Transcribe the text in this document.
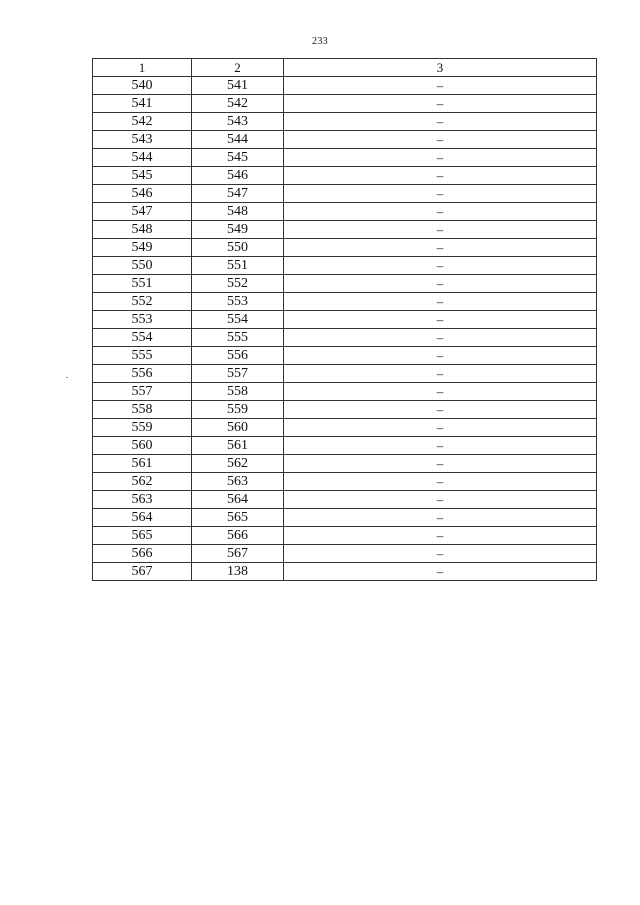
233
1	2	3
540	541	–
541	542	–
542	543	–
543	544	–
544	545	–
545	546	–
546	547	–
547	548	–
548	549	–
549	550	–
550	551	–
551	552	–
552	553	–
553	554	–
554	555	–
555	556	–
556	557	–
557	558	–
558	559	–
559	560	–
560	561	–
561	562	–
562	563	–
563	564	–
564	565	–
565	566	–
566	567	–
567	138	–
